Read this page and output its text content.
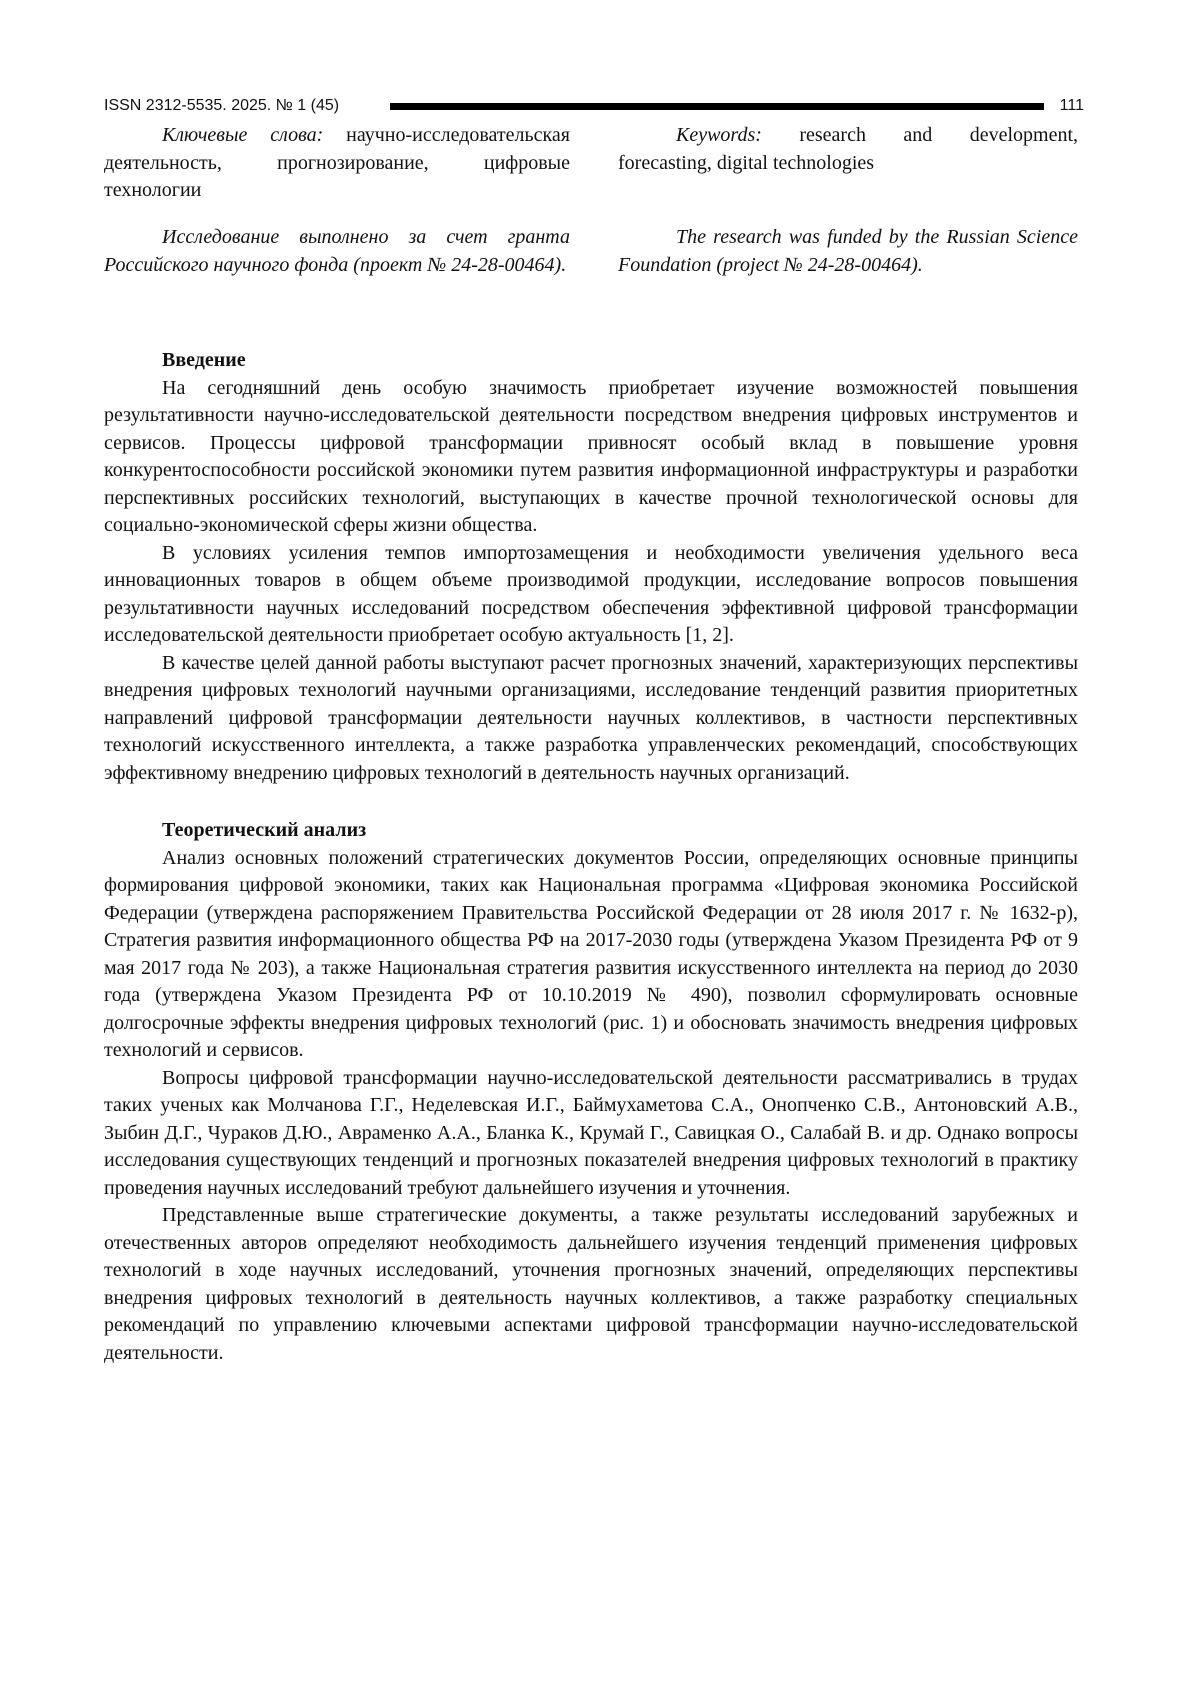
ISSN 2312-5535. 2025. № 1 (45)	111

Ключевые слова: научно-исследовательская деятельность, прогнозирование, цифровые технологии

Keywords: research and development, forecasting, digital technologies

Исследование выполнено за счет гранта Российского научного фонда (проект № 24-28-00464).

The research was funded by the Russian Science Foundation (project № 24-28-00464).

Введение

На сегодняшний день особую значимость приобретает изучение возможностей повышения результативности научно-исследовательской деятельности посредством внедрения цифровых инструментов и сервисов. Процессы цифровой трансформации привносят особый вклад в повышение уровня конкурентоспособности российской экономики путем развития информационной инфраструктуры и разработки перспективных российских технологий, выступающих в качестве прочной технологической основы для социально-экономической сферы жизни общества.

В условиях усиления темпов импортозамещения и необходимости увеличения удельного веса инновационных товаров в общем объеме производимой продукции, исследование вопросов повышения результативности научных исследований посредством обеспечения эффективной цифровой трансформации исследовательской деятельности приобретает особую актуальность [1, 2].

В качестве целей данной работы выступают расчет прогнозных значений, характеризующих перспективы внедрения цифровых технологий научными организациями, исследование тенденций развития приоритетных направлений цифровой трансформации деятельности научных коллективов, в частности перспективных технологий искусственного интеллекта, а также разработка управленческих рекомендаций, способствующих эффективному внедрению цифровых технологий в деятельность научных организаций.

Теоретический анализ

Анализ основных положений стратегических документов России, определяющих основные принципы формирования цифровой экономики, таких как Национальная программа «Цифровая экономика Российской Федерации (утверждена распоряжением Правительства Российской Федерации от 28 июля 2017 г. № 1632-р), Стратегия развития информационного общества РФ на 2017-2030 годы (утверждена Указом Президента РФ от 9 мая 2017 года № 203), а также Национальная стратегия развития искусственного интеллекта на период до 2030 года (утверждена Указом Президента РФ от 10.10.2019 № 490), позволил сформулировать основные долгосрочные эффекты внедрения цифровых технологий (рис. 1) и обосновать значимость внедрения цифровых технологий и сервисов.

Вопросы цифровой трансформации научно-исследовательской деятельности рассматривались в трудах таких ученых как Молчанова Г.Г., Неделевская И.Г., Баймухаметова С.А., Онопченко С.В., Антоновский А.В., Зыбин Д.Г., Чураков Д.Ю., Авраменко А.А., Бланка К., Крумай Г., Савицкая О., Салабай В. и др. Однако вопросы исследования существующих тенденций и прогнозных показателей внедрения цифровых технологий в практику проведения научных исследований требуют дальнейшего изучения и уточнения.

Представленные выше стратегические документы, а также результаты исследований зарубежных и отечественных авторов определяют необходимость дальнейшего изучения тенденций применения цифровых технологий в ходе научных исследований, уточнения прогнозных значений, определяющих перспективы внедрения цифровых технологий в деятельность научных коллективов, а также разработку специальных рекомендаций по управлению ключевыми аспектами цифровой трансформации научно-исследовательской деятельности.
